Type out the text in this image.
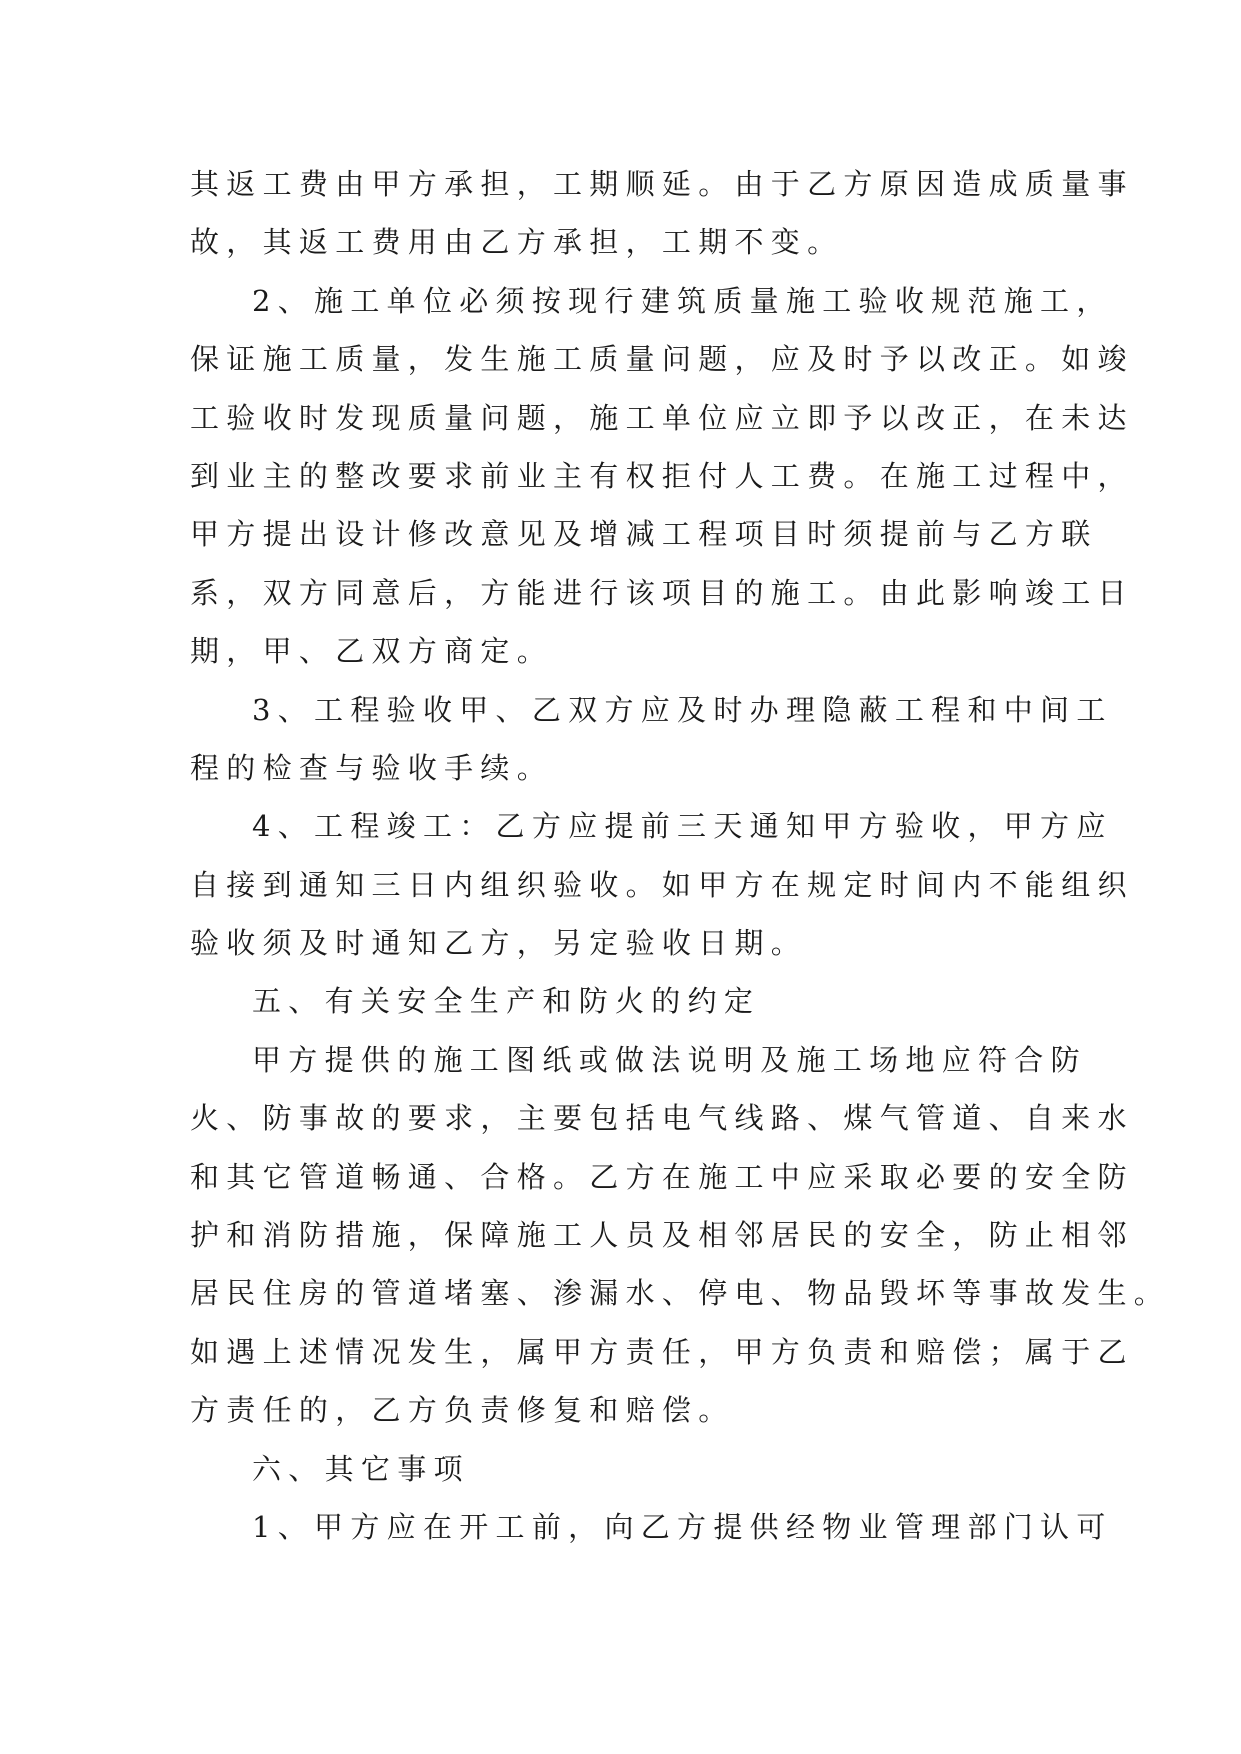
其返工费由甲方承担，工期顺延。由于乙方原因造成质量事
故，其返工费用由乙方承担，工期不变。
2、施工单位必须按现行建筑质量施工验收规范施工，
保证施工质量，发生施工质量问题，应及时予以改正。如竣
工验收时发现质量问题，施工单位应立即予以改正，在未达
到业主的整改要求前业主有权拒付人工费。在施工过程中，
甲方提出设计修改意见及增减工程项目时须提前与乙方联
系，双方同意后，方能进行该项目的施工。由此影响竣工日
期，甲、乙双方商定。
3、工程验收甲、乙双方应及时办理隐蔽工程和中间工
程的检查与验收手续。
4、工程竣工：乙方应提前三天通知甲方验收，甲方应
自接到通知三日内组织验收。如甲方在规定时间内不能组织
验收须及时通知乙方，另定验收日期。
五、有关安全生产和防火的约定
甲方提供的施工图纸或做法说明及施工场地应符合防
火、防事故的要求，主要包括电气线路、煤气管道、自来水
和其它管道畅通、合格。乙方在施工中应采取必要的安全防
护和消防措施，保障施工人员及相邻居民的安全，防止相邻
居民住房的管道堵塞、渗漏水、停电、物品毁坏等事故发生。
如遇上述情况发生，属甲方责任，甲方负责和赔偿；属于乙
方责任的，乙方负责修复和赔偿。
六、其它事项
1、甲方应在开工前，向乙方提供经物业管理部门认可
